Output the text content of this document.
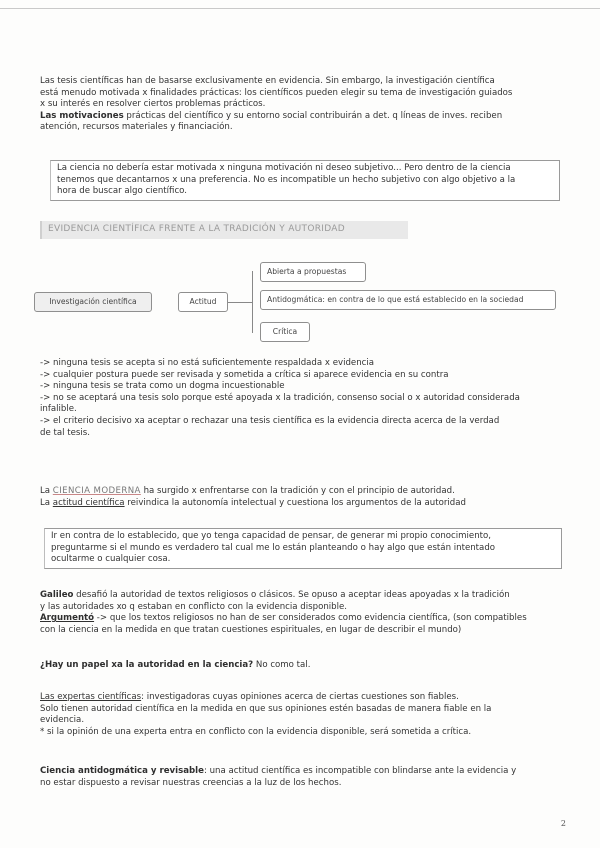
Las tesis científicas han de basarse exclusivamente en evidencia. Sin embargo, la investigación científica

está menudo motivada x finalidades prácticas: los científicos pueden elegir su tema de investigación guiados

x su interés en resolver ciertos problemas prácticos.

Las motivaciones prácticas del científico y su entorno social contribuirán a det. q líneas de inves. reciben

atención, recursos materiales y financiación.

La ciencia no debería estar motivada x ninguna motivación ni deseo subjetivo... Pero dentro de la ciencia

tenemos que decantarnos x una preferencia. No es incompatible un hecho subjetivo con algo objetivo a la

hora de buscar algo científico.

EVIDENCIA CIENTÍFICA FRENTE A LA TRADICIÓN Y AUTORIDAD
Investigación científica	Actitud
Abierta a propuestas
Antidogmática: en contra de lo que está establecido en la sociedad
Crítica

-> ninguna tesis se acepta si no está suficientemente respaldada x evidencia

-> cualquier postura puede ser revisada y sometida a crítica si aparece evidencia en su contra

-> ninguna tesis se trata como un dogma incuestionable

-> no se aceptará una tesis solo porque esté apoyada x la tradición, consenso social o x autoridad considerada

infalible.

-> el criterio decisivo xa aceptar o rechazar una tesis científica es la evidencia directa acerca de la verdad

de tal tesis.

La CIENCIA MODERNA ha surgido x enfrentarse con la tradición y con el principio de autoridad.

La actitud científica reivindica la autonomía intelectual y cuestiona los argumentos de la autoridad

Ir en contra de lo establecido, que yo tenga capacidad de pensar, de generar mi propio conocimiento,

preguntarme si el mundo es verdadero tal cual me lo están planteando o hay algo que están intentado

ocultarme o cualquier cosa.

Galileo desafió la autoridad de textos religiosos o clásicos. Se opuso a aceptar ideas apoyadas x la tradición

y las autoridades xo q estaban en conflicto con la evidencia disponible.

Argumentó -> que los textos religiosos no han de ser considerados como evidencia científica, (son compatibles

con la ciencia en la medida en que tratan cuestiones espirituales, en lugar de describir el mundo)

¿Hay un papel xa la autoridad en la ciencia? No como tal.

Las expertas científicas: investigadoras cuyas opiniones acerca de ciertas cuestiones son fiables.

Solo tienen autoridad científica en la medida en que sus opiniones estén basadas de manera fiable en la

evidencia.

* si la opinión de una experta entra en conflicto con la evidencia disponible, será sometida a crítica.

Ciencia antidogmática y revisable: una actitud científica es incompatible con blindarse ante la evidencia y

no estar dispuesto a revisar nuestras creencias a la luz de los hechos.

2
